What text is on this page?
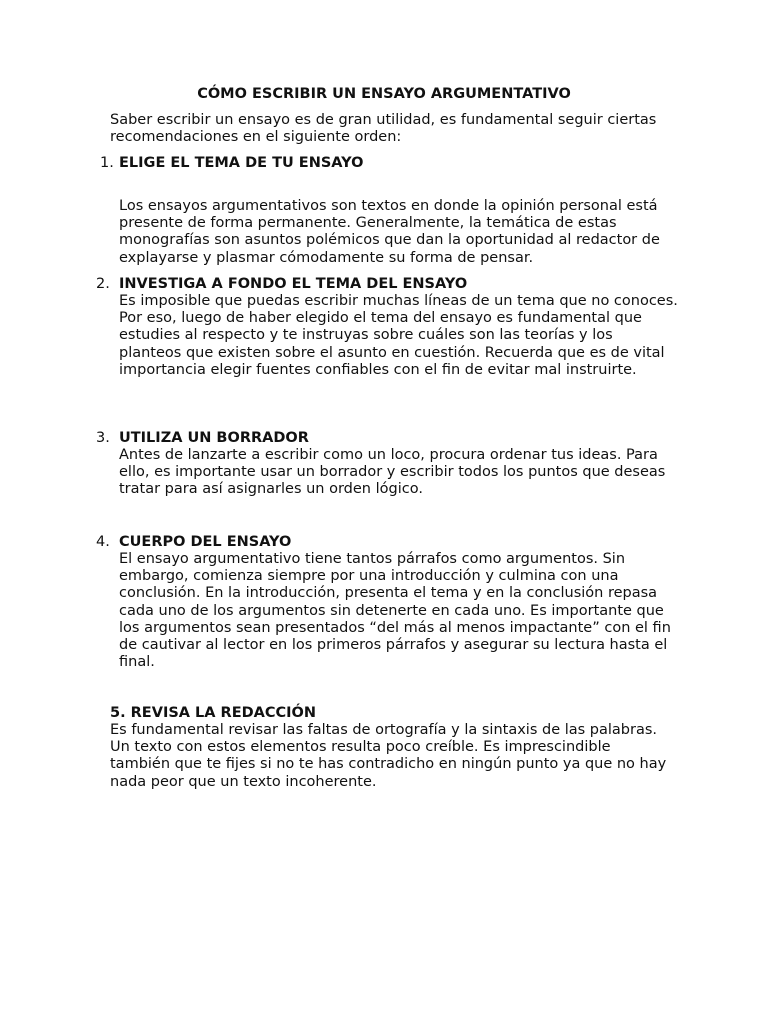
CÓMO ESCRIBIR UN ENSAYO ARGUMENTATIVO

Saber escribir un ensayo es de gran utilidad, es fundamental seguir ciertas recomendaciones en el siguiente orden:

1. ELIGE EL TEMA DE TU ENSAYO

Los ensayos argumentativos son textos en donde la opinión personal está presente de forma permanente. Generalmente, la temática de estas monografías son asuntos polémicos que dan la oportunidad al redactor de explayarse y plasmar cómodamente su forma de pensar.

2. INVESTIGA A FONDO EL TEMA DEL ENSAYO

Es imposible que puedas escribir muchas líneas de un tema que no conoces. Por eso, luego de haber elegido el tema del ensayo es fundamental que estudies al respecto y te instruyas sobre cuáles son las teorías y los planteos que existen sobre el asunto en cuestión. Recuerda que es de vital importancia elegir fuentes confiables con el fin de evitar mal instruirte.

3. UTILIZA UN BORRADOR

Antes de lanzarte a escribir como un loco, procura ordenar tus ideas. Para ello, es importante usar un borrador y escribir todos los puntos que deseas tratar para así asignarles un orden lógico.

4. CUERPO DEL ENSAYO

El ensayo argumentativo tiene tantos párrafos como argumentos. Sin embargo, comienza siempre por una introducción y culmina con una conclusión. En la introducción, presenta el tema y en la conclusión repasa cada uno de los argumentos sin detenerte en cada uno. Es importante que los argumentos sean presentados “del más al menos impactante” con el fin de cautivar al lector en los primeros párrafos y asegurar su lectura hasta el final.

5. REVISA LA REDACCIÓN

Es fundamental revisar las faltas de ortografía y la sintaxis de las palabras. Un texto con estos elementos resulta poco creíble. Es imprescindible también que te fijes si no te has contradicho en ningún punto ya que no hay nada peor que un texto incoherente.
